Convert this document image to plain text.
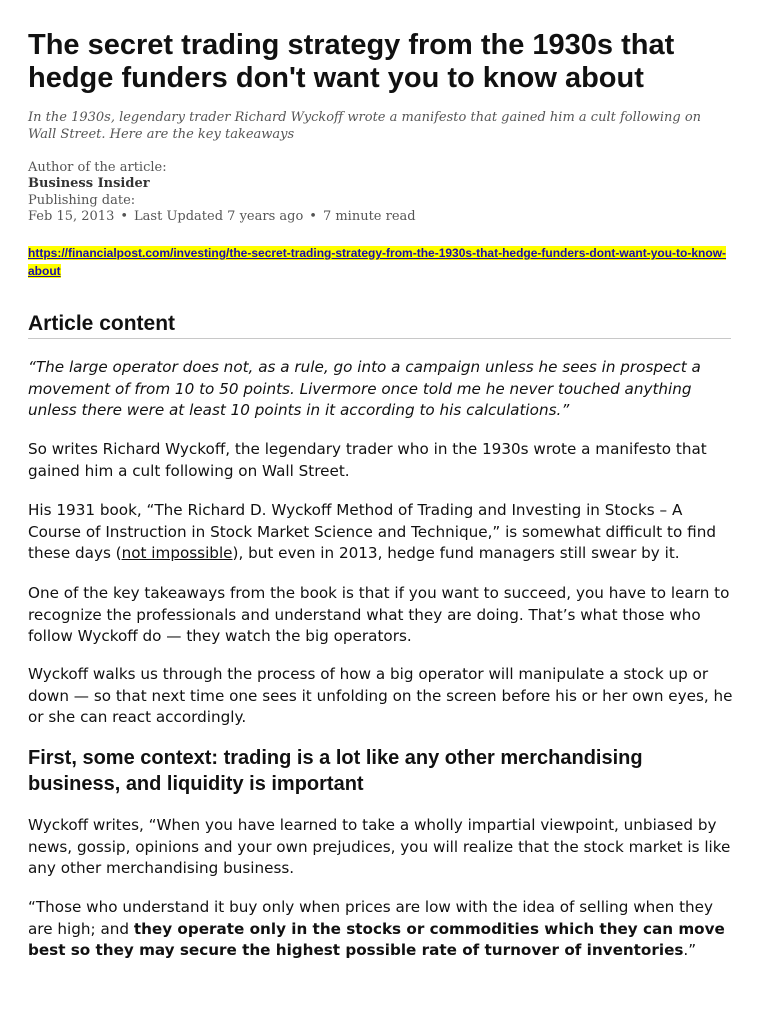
The secret trading strategy from the 1930s that hedge funders don't want you to know about

In the 1930s, legendary trader Richard Wyckoff wrote a manifesto that gained him a cult following on Wall Street. Here are the key takeaways

Author of the article:

Business Insider

Publishing date:

Feb 15, 2013 • Last Updated 7 years ago • 7 minute read

https://financialpost.com/investing/the-secret-trading-strategy-from-the-1930s-that-hedge-funders-dont-want-you-to-know-about
Article content

“The large operator does not, as a rule, go into a campaign unless he sees in prospect a movement of from 10 to 50 points. Livermore once told me he never touched anything unless there were at least 10 points in it according to his calculations.”

So writes Richard Wyckoff, the legendary trader who in the 1930s wrote a manifesto that gained him a cult following on Wall Street.

His 1931 book, “The Richard D. Wyckoff Method of Trading and Investing in Stocks – A Course of Instruction in Stock Market Science and Technique,” is somewhat difficult to find these days (not impossible), but even in 2013, hedge fund managers still swear by it.

One of the key takeaways from the book is that if you want to succeed, you have to learn to recognize the professionals and understand what they are doing. That’s what those who follow Wyckoff do — they watch the big operators.

Wyckoff walks us through the process of how a big operator will manipulate a stock up or down — so that next time one sees it unfolding on the screen before his or her own eyes, he or she can react accordingly.

First, some context: trading is a lot like any other merchandising business, and liquidity is important

Wyckoff writes, “When you have learned to take a wholly impartial viewpoint, unbiased by news, gossip, opinions and your own prejudices, you will realize that the stock market is like any other merchandising business.

“Those who understand it buy only when prices are low with the idea of selling when they are high; and they operate only in the stocks or commodities which they can move best so they may secure the highest possible rate of turnover of inventories.”
